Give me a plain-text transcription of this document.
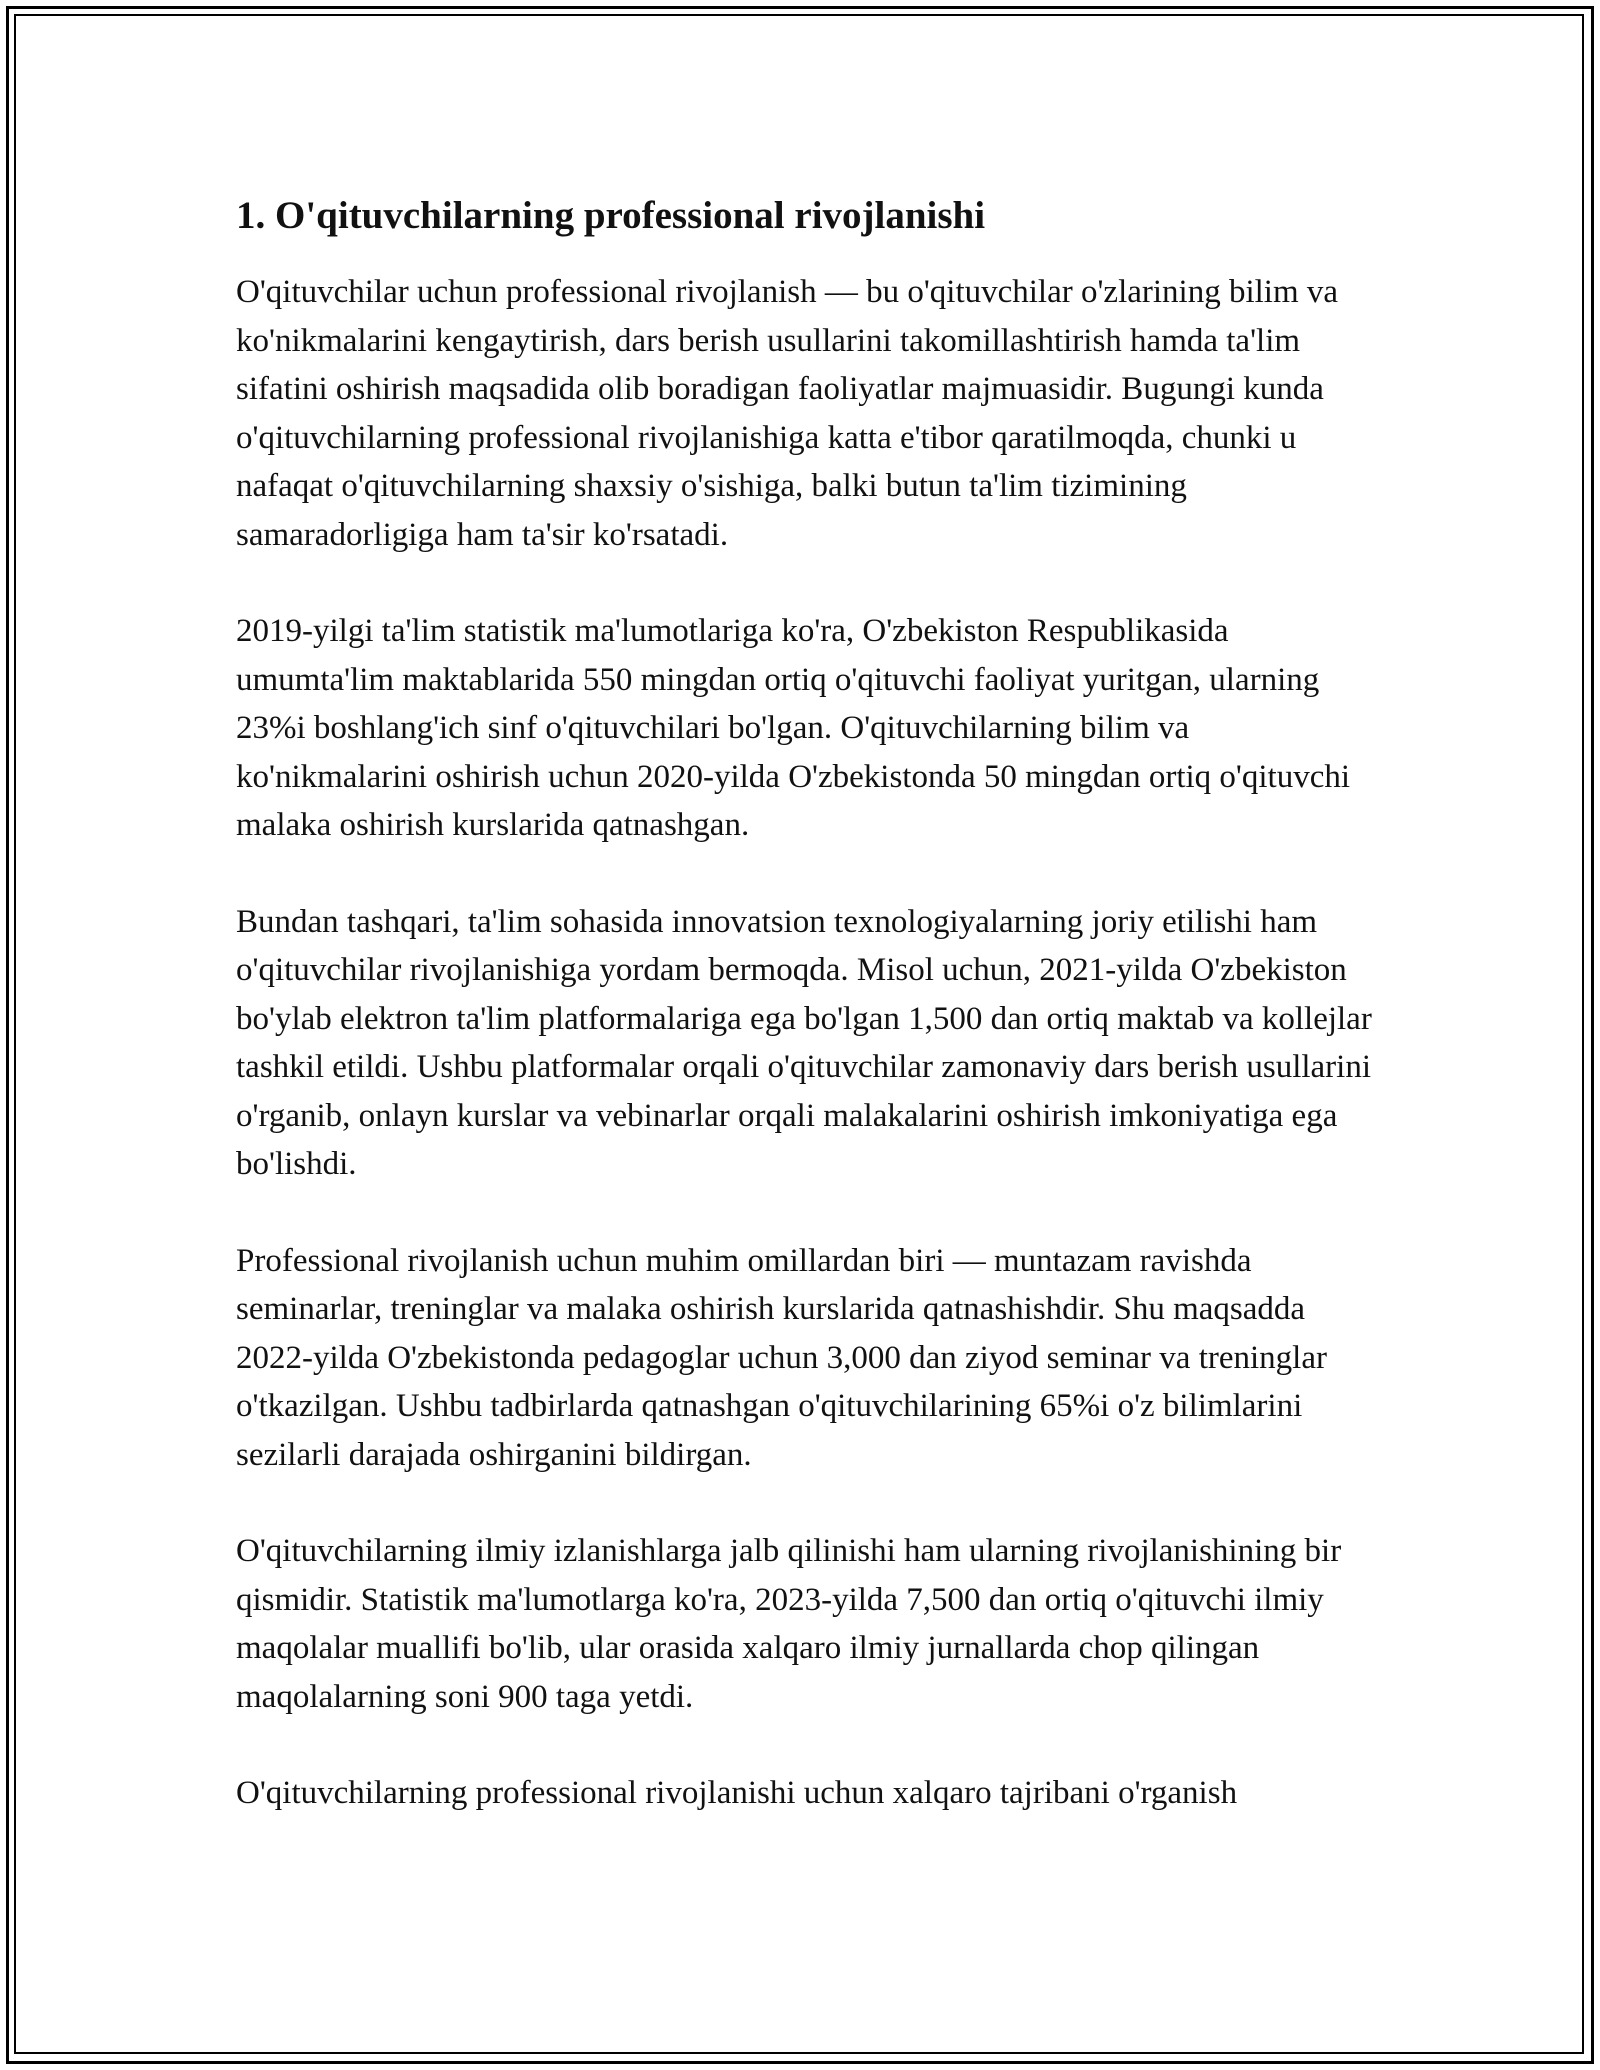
1. O'qituvchilarning professional rivojlanishi

O'qituvchilar uchun professional rivojlanish — bu o'qituvchilar o'zlarining bilim va ko'nikmalarini kengaytirish, dars berish usullarini takomillashtirish hamda ta'lim sifatini oshirish maqsadida olib boradigan faoliyatlar majmuasidir. Bugungi kunda o'qituvchilarning professional rivojlanishiga katta e'tibor qaratilmoqda, chunki u nafaqat o'qituvchilarning shaxsiy o'sishiga, balki butun ta'lim tizimining samaradorligiga ham ta'sir ko'rsatadi.

2019-yilgi ta'lim statistik ma'lumotlariga ko'ra, O'zbekiston Respublikasida umumta'lim maktablarida 550 mingdan ortiq o'qituvchi faoliyat yuritgan, ularning 23%i boshlang'ich sinf o'qituvchilari bo'lgan. O'qituvchilarning bilim va ko'nikmalarini oshirish uchun 2020-yilda O'zbekistonda 50 mingdan ortiq o'qituvchi malaka oshirish kurslarida qatnashgan.

Bundan tashqari, ta'lim sohasida innovatsion texnologiyalarning joriy etilishi ham o'qituvchilar rivojlanishiga yordam bermoqda. Misol uchun, 2021-yilda O'zbekiston bo'ylab elektron ta'lim platformalariga ega bo'lgan 1,500 dan ortiq maktab va kollejlar tashkil etildi. Ushbu platformalar orqali o'qituvchilar zamonaviy dars berish usullarini o'rganib, onlayn kurslar va vebinarlar orqali malakalarini oshirish imkoniyatiga ega bo'lishdi.

Professional rivojlanish uchun muhim omillardan biri — muntazam ravishda seminarlar, treninglar va malaka oshirish kurslarida qatnashishdir. Shu maqsadda 2022-yilda O'zbekistonda pedagoglar uchun 3,000 dan ziyod seminar va treninglar o'tkazilgan. Ushbu tadbirlarda qatnashgan o'qituvchilarining 65%i o'z bilimlarini sezilarli darajada oshirganini bildirgan.

O'qituvchilarning ilmiy izlanishlarga jalb qilinishi ham ularning rivojlanishining bir qismidir. Statistik ma'lumotlarga ko'ra, 2023-yilda 7,500 dan ortiq o'qituvchi ilmiy maqolalar muallifi bo'lib, ular orasida xalqaro ilmiy jurnallarda chop qilingan maqolalarning soni 900 taga yetdi.

O'qituvchilarning professional rivojlanishi uchun xalqaro tajribani o'rganish
